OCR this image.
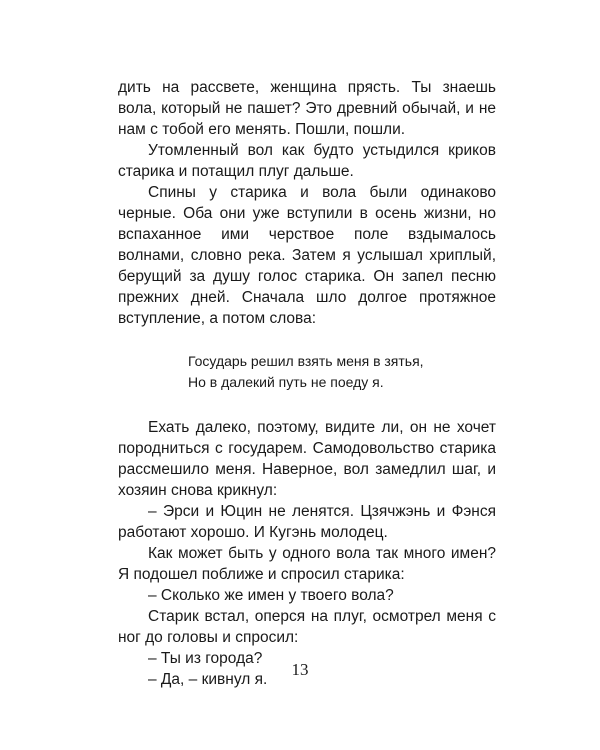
дить на рассвете, женщина прясть. Ты знаешь вола, который не пашет? Это древний обычай, и не нам с тобой его менять. Пошли, пошли.

Утомленный вол как будто устыдился криков старика и потащил плуг дальше.

Спины у старика и вола были одинаково черные. Оба они уже вступили в осень жизни, но вспаханное ими черствое поле вздымалось волнами, словно река. Затем я услышал хриплый, берущий за душу голос старика. Он запел песню прежних дней. Сначала шло долгое протяжное вступление, а потом слова:

Государь решил взять меня в зятья,
Но в далекий путь не поеду я.

Ехать далеко, поэтому, видите ли, он не хочет породниться с государем. Самодовольство старика рассмешило меня. Наверное, вол замедлил шаг, и хозяин снова крикнул:

– Эрси и Юцин не ленятся. Цзячжэнь и Фэнся работают хорошо. И Кугэнь молодец.

Как может быть у одного вола так много имен? Я подошел поближе и спросил старика:

– Сколько же имен у твоего вола?

Старик встал, оперся на плуг, осмотрел меня с ног до головы и спросил:

– Ты из города?

– Да, – кивнул я.

13
